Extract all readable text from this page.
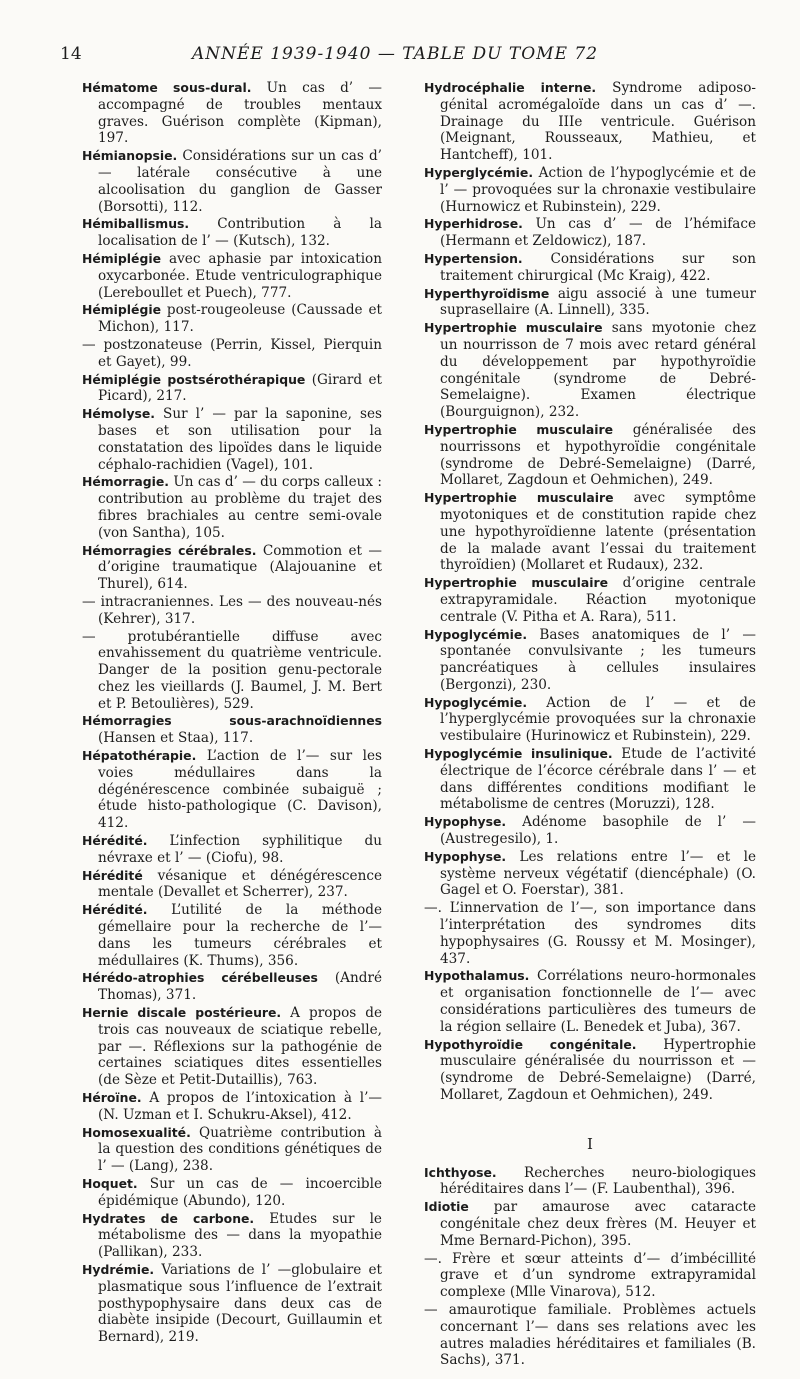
14	ANNÉE 1939-1940 — TABLE DU TOME 72

Hématome sous-dural. Un cas d’ — accompagné de troubles mentaux graves. Guérison complète (Kipman), 197.

Hémianopsie. Considérations sur un cas d’ — latérale consécutive à une alcoolisation du ganglion de Gasser (Borsotti), 112.

Hémiballismus. Contribution à la localisation de l’ — (Kutsch), 132.

Hémiplégie avec aphasie par intoxication oxycarbonée. Etude ventriculographique (Lereboullet et Puech), 777.

Hémiplégie post-rougeoleuse (Caussade et Michon), 117.

— postzonateuse (Perrin, Kissel, Pierquin et Gayet), 99.

Hémiplégie postsérothérapique (Girard et Picard), 217.

Hémolyse. Sur l’ — par la saponine, ses bases et son utilisation pour la constatation des lipoïdes dans le liquide céphalo-rachidien (Vagel), 101.

Hémorragie. Un cas d’ — du corps calleux : contribution au problème du trajet des fibres brachiales au centre semi-ovale (von Santha), 105.

Hémorragies cérébrales. Commotion et — d’origine traumatique (Alajouanine et Thurel), 614.

— intracraniennes. Les — des nouveau-nés (Kehrer), 317.

— protubérantielle diffuse avec envahissement du quatrième ventricule. Danger de la position genu-pectorale chez les vieillards (J. Baumel, J. M. Bert et P. Betoulières), 529.

Hémorragies sous-arachnoïdiennes (Hansen et Staa), 117.

Hépatothérapie. L’action de l’— sur les voies médullaires dans la dégénérescence combinée subaiguë ; étude histo-pathologique (C. Davison), 412.

Hérédité. L’infection syphilitique du névraxe et l’ — (Ciofu), 98.

Hérédité vésanique et dénégérescence mentale (Devallet et Scherrer), 237.

Hérédité. L’utilité de la méthode gémellaire pour la recherche de l’— dans les tumeurs cérébrales et médullaires (K. Thums), 356.

Hérédo-atrophies cérébelleuses (André Thomas), 371.

Hernie discale postérieure. A propos de trois cas nouveaux de sciatique rebelle, par —. Réflexions sur la pathogénie de certaines sciatiques dites essentielles (de Sèze et Petit-Dutaillis), 763.

Héroïne. A propos de l’intoxication à l’— (N. Uzman et I. Schukru-Aksel), 412.

Homosexualité. Quatrième contribution à la question des conditions génétiques de l’ — (Lang), 238.

Hoquet. Sur un cas de — incoercible épidémique (Abundo), 120.

Hydrates de carbone. Etudes sur le métabolisme des — dans la myopathie (Pallikan), 233.

Hydrémie. Variations de l’ —globulaire et plasmatique sous l’influence de l’extrait posthypophysaire dans deux cas de diabète insipide (Decourt, Guillaumin et Bernard), 219.

Hydrocéphalie interne. Syndrome adiposo-génital acromégaloïde dans un cas d’ —. Drainage du IIIe ventricule. Guérison (Meignant, Rousseaux, Mathieu, et Hantcheff), 101.

Hyperglycémie. Action de l’hypoglycémie et de l’ — provoquées sur la chronaxie vestibulaire (Hurnowicz et Rubinstein), 229.

Hyperhidrose. Un cas d’ — de l’hémiface (Hermann et Zeldowicz), 187.

Hypertension. Considérations sur son traitement chirurgical (Mc Kraig), 422.

Hyperthyroïdisme aigu associé à une tumeur suprasellaire (A. Linnell), 335.

Hypertrophie musculaire sans myotonie chez un nourrisson de 7 mois avec retard général du développement par hypothyroïdie congénitale (syndrome de Debré-Semelaigne). Examen électrique (Bourguignon), 232.

Hypertrophie musculaire généralisée des nourrissons et hypothyroïdie congénitale (syndrome de Debré-Semelaigne) (Darré, Mollaret, Zagdoun et Oehmichen), 249.

Hypertrophie musculaire avec symptôme myotoniques et de constitution rapide chez une hypothyroïdienne latente (présentation de la malade avant l’essai du traitement thyroïdien) (Mollaret et Rudaux), 232.

Hypertrophie musculaire d’origine centrale extrapyramidale. Réaction myotonique centrale (V. Pitha et A. Rara), 511.

Hypoglycémie. Bases anatomiques de l’ — spontanée convulsivante ; les tumeurs pancréatiques à cellules insulaires (Bergonzi), 230.

Hypoglycémie. Action de l’ — et de l’hyperglycémie provoquées sur la chronaxie vestibulaire (Hurinowicz et Rubinstein), 229.

Hypoglycémie insulinique. Etude de l’activité électrique de l’écorce cérébrale dans l’ — et dans différentes conditions modifiant le métabolisme de centres (Moruzzi), 128.

Hypophyse. Adénome basophile de l’ — (Austregesilo), 1.

Hypophyse. Les relations entre l’— et le système nerveux végétatif (diencéphale) (O. Gagel et O. Foerstar), 381.

—. L’innervation de l’—, son importance dans l’interprétation des syndromes dits hypophysaires (G. Roussy et M. Mosinger), 437.

Hypothalamus. Corrélations neuro-hormonales et organisation fonctionnelle de l’— avec considérations particulières des tumeurs de la région sellaire (L. Benedek et Juba), 367.

Hypothyroïdie congénitale. Hypertrophie musculaire généralisée du nourrisson et — (syndrome de Debré-Semelaigne) (Darré, Mollaret, Zagdoun et Oehmichen), 249.

I

Ichthyose. Recherches neuro-biologiques héréditaires dans l’— (F. Laubenthal), 396.

Idiotie par amaurose avec cataracte congénitale chez deux frères (M. Heuyer et Mme Bernard-Pichon), 395.

—. Frère et sœur atteints d’— d’imbécillité grave et d’un syndrome extrapyramidal complexe (Mlle Vinarova), 512.

— amaurotique familiale. Problèmes actuels concernant l’— dans ses relations avec les autres maladies héréditaires et familiales (B. Sachs), 371.
